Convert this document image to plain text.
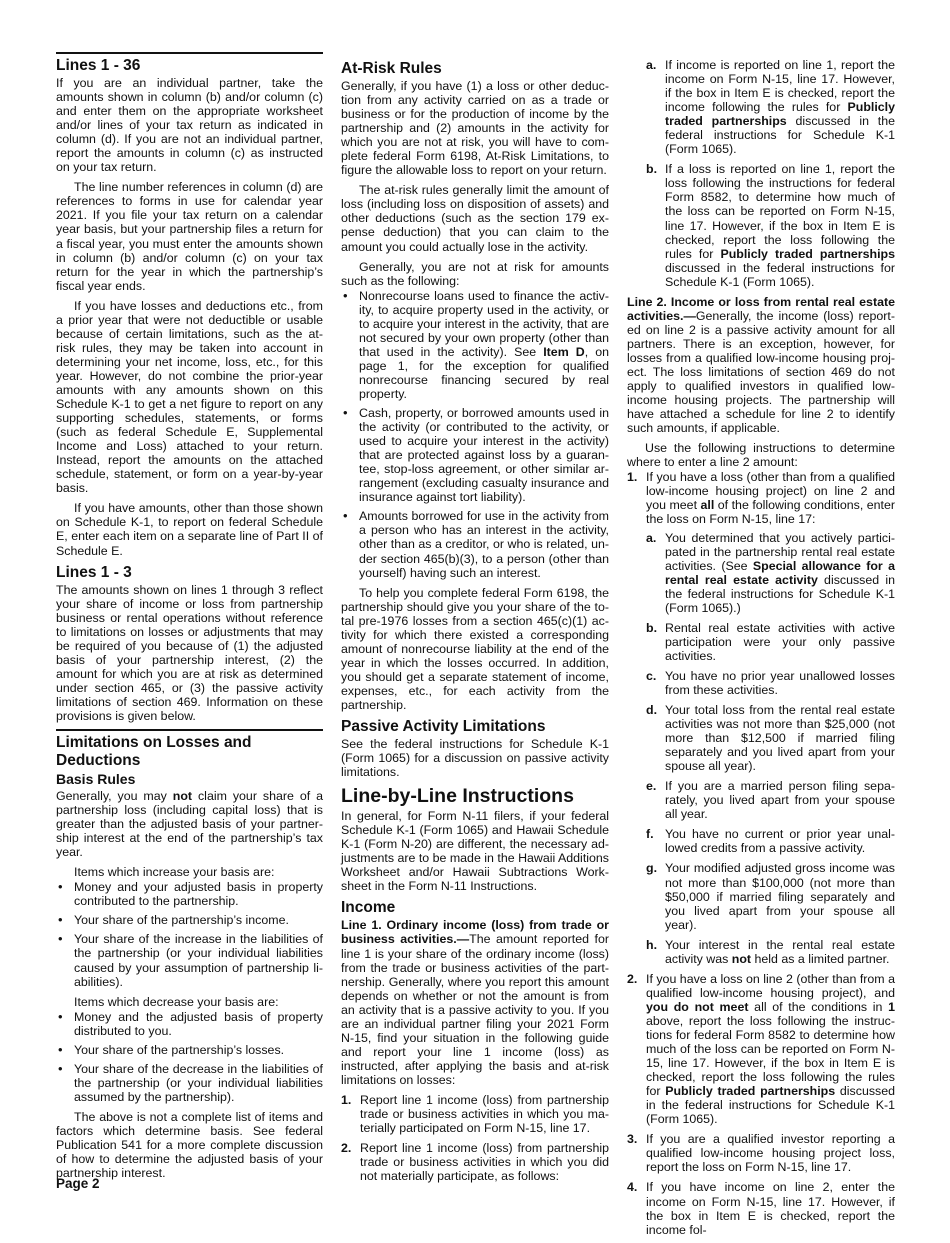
Lines 1 - 36

If you are an individual partner, take the amounts shown in column (b) and/or column (c) and enter them on the appropriate worksheet and/or lines of your tax return as indicated in column (d). If you are not an individual partner, report the amounts in column (c) as instructed on your tax return.

The line number references in column (d) are references to forms in use for calendar year 2021. If you file your tax return on a calendar year basis, but your partnership files a return for a fiscal year, you must enter the amounts shown in column (b) and/or column (c) on your tax return for the year in which the partnership’s fiscal year ends.

If you have losses and deductions etc., from a prior year that were not deductible or usable because of certain limitations, such as the at-risk rules, they may be taken into account in determining your net income, loss, etc., for this year. However, do not combine the prior-year amounts with any amounts shown on this Schedule K-1 to get a net figure to report on any supporting schedules, statements, or forms (such as federal Schedule E, Supplemental Income and Loss) attached to your return. Instead, report the amounts on the attached schedule, statement, or form on a year-by-year basis.

If you have amounts, other than those shown on Schedule K-1, to report on federal Schedule E, enter each item on a separate line of Part II of Schedule E.

Lines 1 - 3

The amounts shown on lines 1 through 3 reflect your share of income or loss from partnership business or rental operations without reference to limitations on losses or adjustments that may be required of you because of (1) the adjusted basis of your partnership interest, (2) the amount for which you are at risk as determined under section 465, or (3) the passive activity limitations of section 469. Information on these provisions is given below.

Limitations on Losses and Deductions
Basis Rules

Generally, you may not claim your share of a partnership loss (including capital loss) that is greater than the adjusted basis of your partnership interest at the end of the partnership’s tax year.

Items which increase your basis are:

• Money and your adjusted basis in property contributed to the partnership.
• Your share of the partnership’s income.
• Your share of the increase in the liabilities of the partnership (or your individual liabilities caused by your assumption of partnership liabilities).

Items which decrease your basis are:

• Money and the adjusted basis of property distributed to you.
• Your share of the partnership’s losses.
• Your share of the decrease in the liabilities of the partnership (or your individual liabilities assumed by the partnership).

The above is not a complete list of items and factors which determine basis. See federal Publication 541 for a more complete discussion of how to determine the adjusted basis of your partnership interest.

At-Risk Rules

Generally, if you have (1) a loss or other deduction from any activity carried on as a trade or business or for the production of income by the partnership and (2) amounts in the activity for which you are not at risk, you will have to complete federal Form 6198, At-Risk Limitations, to figure the allowable loss to report on your return.

The at-risk rules generally limit the amount of loss (including loss on disposition of assets) and other deductions (such as the section 179 expense deduction) that you can claim to the amount you could actually lose in the activity.

Generally, you are not at risk for amounts such as the following:

• Nonrecourse loans used to finance the activity, to acquire property used in the activity, or to acquire your interest in the activity, that are not secured by your own property (other than that used in the activity). See Item D, on page 1, for the exception for qualified nonrecourse financing secured by real property.
• Cash, property, or borrowed amounts used in the activity (or contributed to the activity, or used to acquire your interest in the activity) that are protected against loss by a guarantee, stop-loss agreement, or other similar arrangement (excluding casualty insurance and insurance against tort liability).
• Amounts borrowed for use in the activity from a person who has an interest in the activity, other than as a creditor, or who is related, under section 465(b)(3), to a person (other than yourself) having such an interest.

To help you complete federal Form 6198, the partnership should give you your share of the total pre-1976 losses from a section 465(c)(1) activity for which there existed a corresponding amount of nonrecourse liability at the end of the year in which the losses occurred. In addition, you should get a separate statement of income, expenses, etc., for each activity from the partnership.

Passive Activity Limitations

See the federal instructions for Schedule K-1 (Form 1065) for a discussion on passive activity limitations.

Line-by-Line Instructions

In general, for Form N-11 filers, if your federal Schedule K-1 (Form 1065) and Hawaii Schedule K-1 (Form N-20) are different, the necessary adjustments are to be made in the Hawaii Additions Worksheet and/or Hawaii Subtractions Worksheet in the Form N-11 Instructions.

Income

Line 1. Ordinary income (loss) from trade or business activities.—The amount reported for line 1 is your share of the ordinary income (loss) from the trade or business activities of the partnership. Generally, where you report this amount depends on whether or not the amount is from an activity that is a passive activity to you. If you are an individual partner filing your 2021 Form N-15, find your situation in the following guide and report your line 1 income (loss) as instructed, after applying the basis and at-risk limitations on losses:

1. Report line 1 income (loss) from partnership trade or business activities in which you materially participated on Form N-15, line 17.
2. Report line 1 income (loss) from partnership trade or business activities in which you did not materially participate, as follows:
a. If income is reported on line 1, report the income on Form N-15, line 17. However, if the box in Item E is checked, report the income following the rules for Publicly traded partnerships discussed in the federal instructions for Schedule K-1 (Form 1065).
b. If a loss is reported on line 1, report the loss following the instructions for federal Form 8582, to determine how much of the loss can be reported on Form N-15, line 17. However, if the box in Item E is checked, report the loss following the rules for Publicly traded partnerships discussed in the federal instructions for Schedule K-1 (Form 1065).

Line 2. Income or loss from rental real estate activities.—Generally, the income (loss) reported on line 2 is a passive activity amount for all partners. There is an exception, however, for losses from a qualified low-income housing project. The loss limitations of section 469 do not apply to qualified investors in qualified low-income housing projects. The partnership will have attached a schedule for line 2 to identify such amounts, if applicable.

Use the following instructions to determine where to enter a line 2 amount:

1. If you have a loss (other than from a qualified low-income housing project) on line 2 and you meet all of the following conditions, enter the loss on Form N-15, line 17:
a. You determined that you actively participated in the partnership rental real estate activities. (See Special allowance for a rental real estate activity discussed in the federal instructions for Schedule K-1 (Form 1065).)
b. Rental real estate activities with active participation were your only passive activities.
c. You have no prior year unallowed losses from these activities.
d. Your total loss from the rental real estate activities was not more than $25,000 (not more than $12,500 if married filing separately and you lived apart from your spouse all year).
e. If you are a married person filing separately, you lived apart from your spouse all year.
f. You have no current or prior year unallowed credits from a passive activity.
g. Your modified adjusted gross income was not more than $100,000 (not more than $50,000 if married filing separately and you lived apart from your spouse all year).
h. Your interest in the rental real estate activity was not held as a limited partner.
2. If you have a loss on line 2 (other than from a qualified low-income housing project), and you do not meet all of the conditions in 1 above, report the loss following the instructions for federal Form 8582 to determine how much of the loss can be reported on Form N-15, line 17. However, if the box in Item E is checked, report the loss following the rules for Publicly traded partnerships discussed in the federal instructions for Schedule K-1 (Form 1065).
3. If you are a qualified investor reporting a qualified low-income housing project loss, report the loss on Form N-15, line 17.
4. If you have income on line 2, enter the income on Form N-15, line 17. However, if the box in Item E is checked, report the income fol-
Page 2
